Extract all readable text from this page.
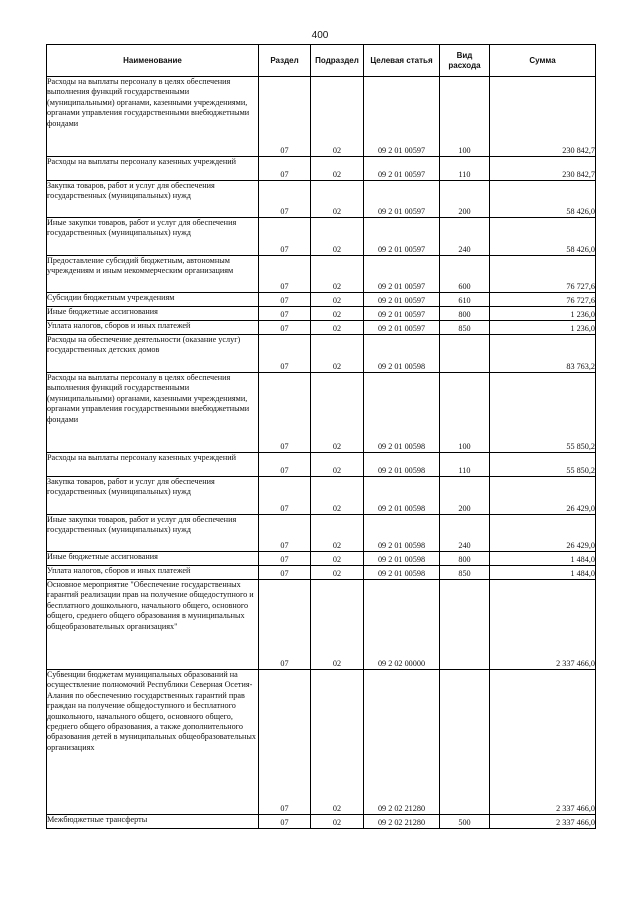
400
Наименование	Раздел	Подраздел	Целевая статья	Вид расхода	Сумма

Расходы на выплаты персоналу в целях обеспечения выполнения функций государственными (муниципальными) органами, казенными учреждениями, органами управления государственными внебюджетными фондами	07	02	09 2 01 00597	100	230 842,7

Расходы на выплаты персоналу казенных учреждений	07	02	09 2 01 00597	110	230 842,7

Закупка товаров, работ и услуг для обеспечения государственных (муниципальных) нужд	07	02	09 2 01 00597	200	58 426,0

Иные закупки товаров, работ и услуг для обеспечения государственных (муниципальных) нужд	07	02	09 2 01 00597	240	58 426,0

Предоставление субсидий бюджетным, автономным учреждениям и иным некоммерческим организациям	07	02	09 2 01 00597	600	76 727,6

Субсидии бюджетным учреждениям	07	02	09 2 01 00597	610	76 727,6

Иные бюджетные ассигнования	07	02	09 2 01 00597	800	1 236,0

Уплата налогов, сборов и иных платежей	07	02	09 2 01 00597	850	1 236,0

Расходы на обеспечение деятельности (оказание услуг) государственных детских домов	07	02	09 2 01 00598		83 763,2

Расходы на выплаты персоналу в целях обеспечения выполнения функций государственными (муниципальными) органами, казенными учреждениями, органами управления государственными внебюджетными фондами	07	02	09 2 01 00598	100	55 850,2

Расходы на выплаты персоналу казенных учреждений	07	02	09 2 01 00598	110	55 850,2

Закупка товаров, работ и услуг для обеспечения государственных (муниципальных) нужд	07	02	09 2 01 00598	200	26 429,0

Иные закупки товаров, работ и услуг для обеспечения государственных (муниципальных) нужд	07	02	09 2 01 00598	240	26 429,0

Иные бюджетные ассигнования	07	02	09 2 01 00598	800	1 484,0

Уплата налогов, сборов и иных платежей	07	02	09 2 01 00598	850	1 484,0

Основное мероприятие "Обеспечение государственных гарантий реализации прав на получение общедоступного и бесплатного дошкольного, начального общего, основного общего, среднего общего образования в муниципальных общеобразовательных организациях"	07	02	09 2 02 00000		2 337 466,0

Субвенции бюджетам муниципальных образований на осуществление полномочий Республики Северная Осетия-Алания по обеспечению государственных гарантий прав граждан на получение общедоступного и бесплатного дошкольного, начального общего, основного общего, среднего общего образования, а также дополнительного образования детей в муниципальных общеобразовательных организациях	07	02	09 2 02 21280		2 337 466,0

Межбюджетные трансферты	07	02	09 2 02 21280	500	2 337 466,0
